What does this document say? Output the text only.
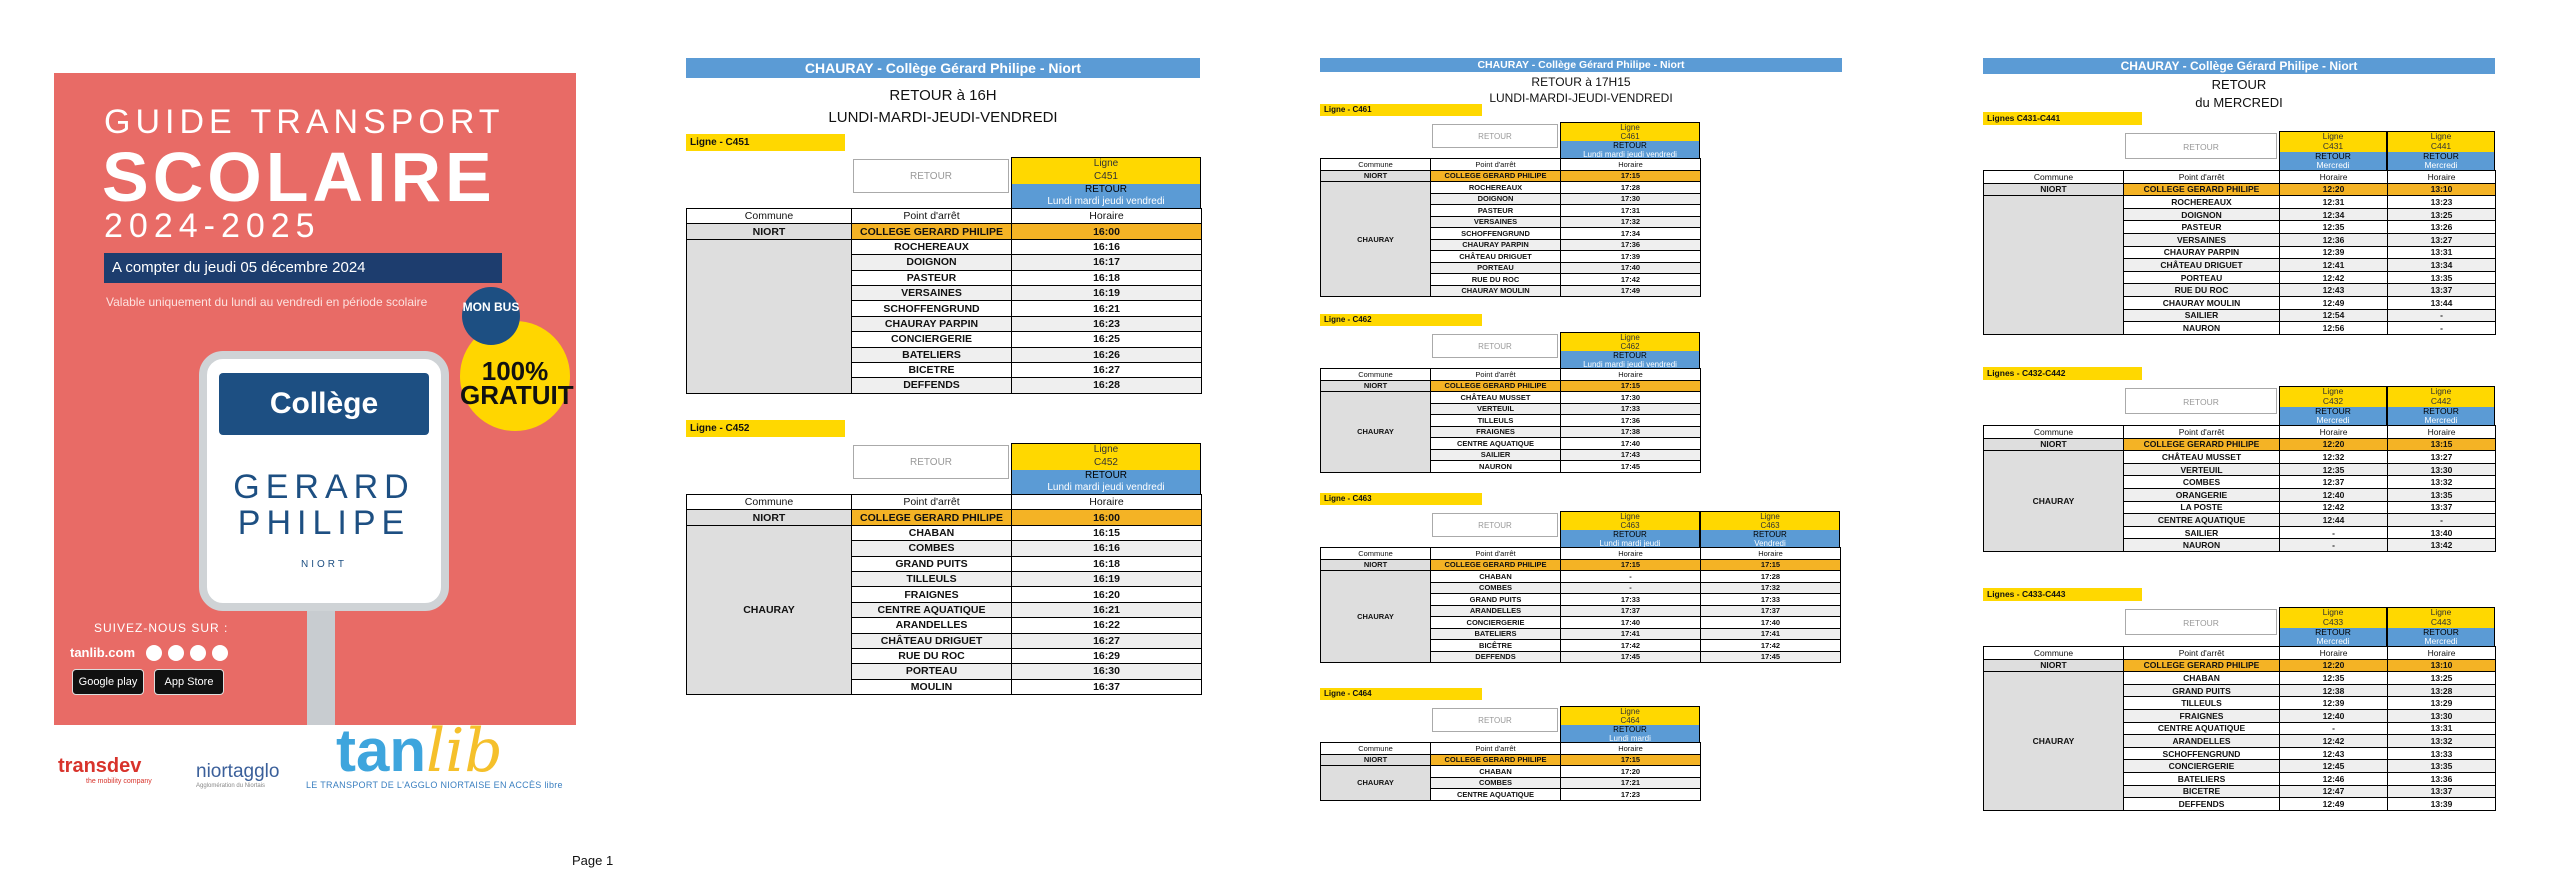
GUIDE TRANSPORT
SCOLAIRE
2024-2025
A compter du jeudi 05 décembre 2024
Valable uniquement du lundi au vendredi en période scolaire
Collège
GERARD
PHILIPE
NIORT
MON BUS
100% GRATUIT
SUIVEZ-NOUS SUR :
tanlib.com
Google play	App Store
transdev
the mobility company niortagglo
Agglomération du Niortais
tanlib
LE TRANSPORT DE L'AGGLO NIORTAISE EN ACCÈS libre
Page 1
CHAURAY - Collège Gérard Philipe - Niort
RETOUR à 16H
LUNDI-MARDI-JEUDI-VENDREDI
Ligne - C451
RETOUR
Ligne
C451
RETOUR
Lundi mardi jeudi vendredi
Commune	Point d'arrêt	Horaire
NIORT	COLLEGE GERARD PHILIPE	16:00
	ROCHEREAUX	16:16
	DOIGNON	16:17
	PASTEUR	16:18
	VERSAINES	16:19
	SCHOFFENGRUND	16:21
	CHAURAY PARPIN	16:23
	CONCIERGERIE	16:25
	BATELIERS	16:26
	BICETRE	16:27
	DEFFENDS	16:28
Ligne - C452
RETOUR
Ligne
C452
RETOUR
Lundi mardi jeudi vendredi
Commune	Point d'arrêt	Horaire
NIORT	COLLEGE GERARD PHILIPE	16:00
CHAURAY	CHABAN	16:15
	COMBES	16:16
	GRAND PUITS	16:18
	TILLEULS	16:19
	FRAIGNES	16:20
	CENTRE AQUATIQUE	16:21
	ARANDELLES	16:22
	CHÂTEAU DRIGUET	16:27
	RUE DU ROC	16:29
	PORTEAU	16:30
	MOULIN	16:37
CHAURAY - Collège Gérard Philipe - Niort
RETOUR à 17H15
LUNDI-MARDI-JEUDI-VENDREDI
Ligne - C461
RETOUR
Ligne
C461
RETOUR
Lundi mardi jeudi vendredi
Commune	Point d'arrêt	Horaire
NIORT	COLLEGE GERARD PHILIPE	17:15
CHAURAY	ROCHEREAUX	17:28
	DOIGNON	17:30
	PASTEUR	17:31
	VERSAINES	17:32
	SCHOFFENGRUND	17:34
	CHAURAY PARPIN	17:36
	CHÂTEAU DRIGUET	17:39
	PORTEAU	17:40
	RUE DU ROC	17:42
	CHAURAY MOULIN	17:49
Ligne - C462
RETOUR
Ligne
C462
RETOUR
Lundi mardi jeudi vendredi
Commune	Point d'arrêt	Horaire
NIORT	COLLEGE GERARD PHILIPE	17:15
CHAURAY	CHÂTEAU MUSSET	17:30
	VERTEUIL	17:33
	TILLEULS	17:36
	FRAIGNES	17:38
	CENTRE AQUATIQUE	17:40
	SAILIER	17:43
	NAURON	17:45
Ligne - C463
RETOUR
Ligne
C463
RETOUR
Lundi mardi jeudi
Ligne
C463
RETOUR
Vendredi
Commune	Point d'arrêt	Horaire	Horaire
NIORT	COLLEGE GERARD PHILIPE	17:15	17:15
CHAURAY	CHABAN	-	17:28
	COMBES	-	17:32
	GRAND PUITS	17:33	17:33
	ARANDELLES	17:37	17:37
	CONCIERGERIE	17:40	17:40
	BATELIERS	17:41	17:41
	BICÊTRE	17:42	17:42
	DEFFENDS	17:45	17:45
Ligne - C464
RETOUR
Ligne
C464
RETOUR
Lundi mardi
Commune	Point d'arrêt	Horaire
NIORT	COLLEGE GERARD PHILIPE	17:15
CHAURAY	CHABAN	17:20
	COMBES	17:21
	CENTRE AQUATIQUE	17:23
CHAURAY - Collège Gérard Philipe - Niort
RETOUR
du MERCREDI
Lignes C431-C441
RETOUR
Ligne
C431
RETOUR
Mercredi
Ligne
C441
RETOUR
Mercredi
Commune	Point d'arrêt	Horaire	Horaire
NIORT	COLLEGE GERARD PHILIPE	12:20	13:10
	ROCHEREAUX	12:31	13:23
	DOIGNON	12:34	13:25
	PASTEUR	12:35	13:26
	VERSAINES	12:36	13:27
	CHAURAY PARPIN	12:39	13:31
	CHÂTEAU DRIGUET	12:41	13:34
	PORTEAU	12:42	13:35
	RUE DU ROC	12:43	13:37
	CHAURAY MOULIN	12:49	13:44
	SAILIER	12:54	-
	NAURON	12:56	-
Lignes - C432-C442
RETOUR
Ligne
C432
RETOUR
Mercredi
Ligne
C442
RETOUR
Mercredi
Commune	Point d'arrêt	Horaire	Horaire
NIORT	COLLEGE GERARD PHILIPE	12:20	13:15
CHAURAY	CHÂTEAU MUSSET	12:32	13:27
	VERTEUIL	12:35	13:30
	COMBES	12:37	13:32
	ORANGERIE	12:40	13:35
	LA POSTE	12:42	13:37
	CENTRE AQUATIQUE	12:44	-
	SAILIER	-	13:40
	NAURON	-	13:42
Lignes - C433-C443
RETOUR
Ligne
C433
RETOUR
Mercredi
Ligne
C443
RETOUR
Mercredi
Commune	Point d'arrêt	Horaire	Horaire
NIORT	COLLEGE GERARD PHILIPE	12:20	13:10
CHAURAY	CHABAN	12:35	13:25
	GRAND PUITS	12:38	13:28
	TILLEULS	12:39	13:29
	FRAIGNES	12:40	13:30
	CENTRE AQUATIQUE	-	13:31
	ARANDELLES	12:42	13:32
	SCHOFFENGRUND	12:43	13:33
	CONCIERGERIE	12:45	13:35
	BATELIERS	12:46	13:36
	BICETRE	12:47	13:37
	DEFFENDS	12:49	13:39
